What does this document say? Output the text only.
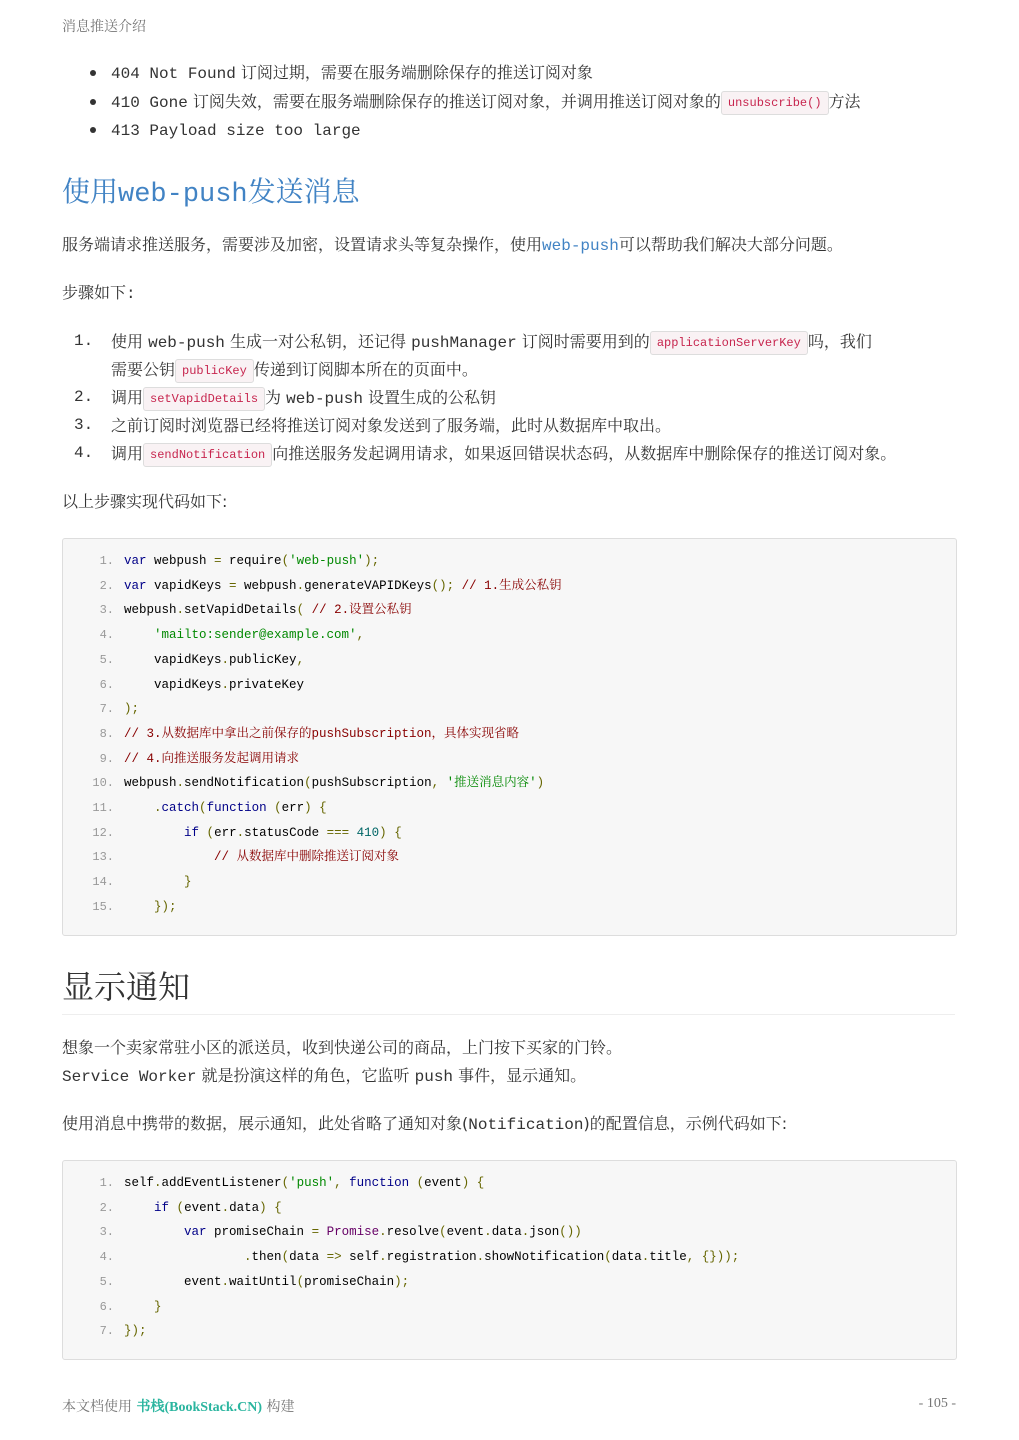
消息推送介绍
404 Not Found 订阅过期，需要在服务端删除保存的推送订阅对象
410 Gone 订阅失效，需要在服务端删除保存的推送订阅对象，并调用推送订阅对象的 unsubscribe() 方法
413 Payload size too large
使用web-push发送消息
服务端请求推送服务，需要涉及加密，设置请求头等复杂操作，使用web-push可以帮助我们解决大部分问题。
步骤如下:
1. 使用 web-push 生成一对公私钥，还记得 pushManager 订阅时需要用到的 applicationServerKey 吗，我们
需要公钥 publicKey 传递到订阅脚本所在的页面中。
2. 调用 setVapidDetails 为 web-push 设置生成的公私钥
3. 之前订阅时浏览器已经将推送订阅对象发送到了服务端，此时从数据库中取出。
4. 调用 sendNotification 向推送服务发起调用请求，如果返回错误状态码，从数据库中删除保存的推送订阅对象。
以上步骤实现代码如下:
1. var webpush = require('web-push');
2. var vapidKeys = webpush.generateVAPIDKeys(); // 1.生成公私钥
3. webpush.setVapidDetails( // 2.设置公私钥
4.	'mailto:sender@example.com',
5.    vapidKeys.publicKey,
6.    vapidKeys.privateKey
7. );
8. // 3.从数据库中拿出之前保存的pushSubscription，具体实现省略
9. // 4.向推送服务发起调用请求
10. webpush.sendNotification(pushSubscription, '推送消息内容')
11.	.catch(function (err) {
12.	if (err.statusCode === 410) {
13.	// 从数据库中删除推送订阅对象
14.	}
15.	});
显示通知
想象一个卖家常驻小区的派送员，收到快递公司的商品，上门按下买家的门铃。
Service Worker 就是扮演这样的角色，它监听 push 事件，显示通知。
使用消息中携带的数据，展示通知，此处省略了通知对象(Notification)的配置信息，示例代码如下:
1. self.addEventListener('push', function (event) {
2.	if (event.data) {
3.	var promiseChain = Promise.resolve(event.data.json())
4.	.then(data => self.registration.showNotification(data.title, {}));
5.        event.waitUntil(promiseChain);
6.	}
7. });
本文档使用 书栈(BookStack.CN) 构建	- 105 -
